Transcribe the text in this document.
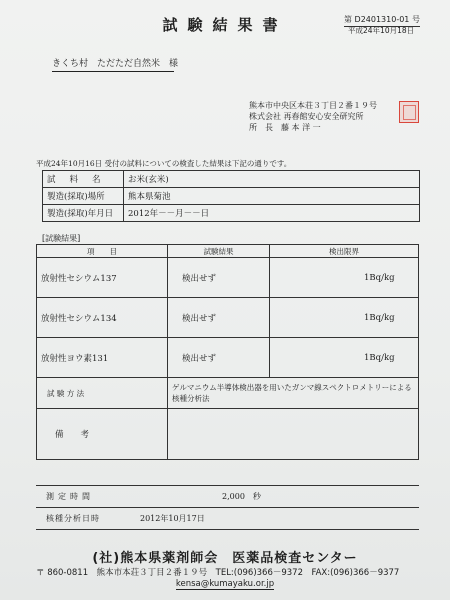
試験結果書	第 D2401310-01 号
平成24年10月18日
きくち村　ただただ自然米　様
熊本市中央区本荘３丁目２番１９号
株式会社 再春館安心安全研究所
所　長　藤 本 洋 一
平成24年10月16日 受付の試料についての検査した結果は下記の通りです。
試料名	お米(玄米)
製造(採取)場所	熊本県菊池
製造(採取)年月日	2012年－－月－－日
[試験結果]
項　　目	試験結果	検出限界
放射性セシウム137	検出せず	1Bq/kg
放射性セシウム134	検出せず	1Bq/kg
放射性ヨウ素131	検出せず	1Bq/kg
試 験 方 法	ゲルマニウム半導体検出器を用いたガンマ線スペクトロメトリーによる核種分析法	
備　　考		
測定時間	2,000　秒
核種分析日時	2012年10月17日
(社)熊本県薬剤師会　医薬品検査センター
〒 860-0811　熊本市本荘３丁目２番１９号　TEL:(096)366－9372　FAX:(096)366－9377
kensa@kumayaku.or.jp
